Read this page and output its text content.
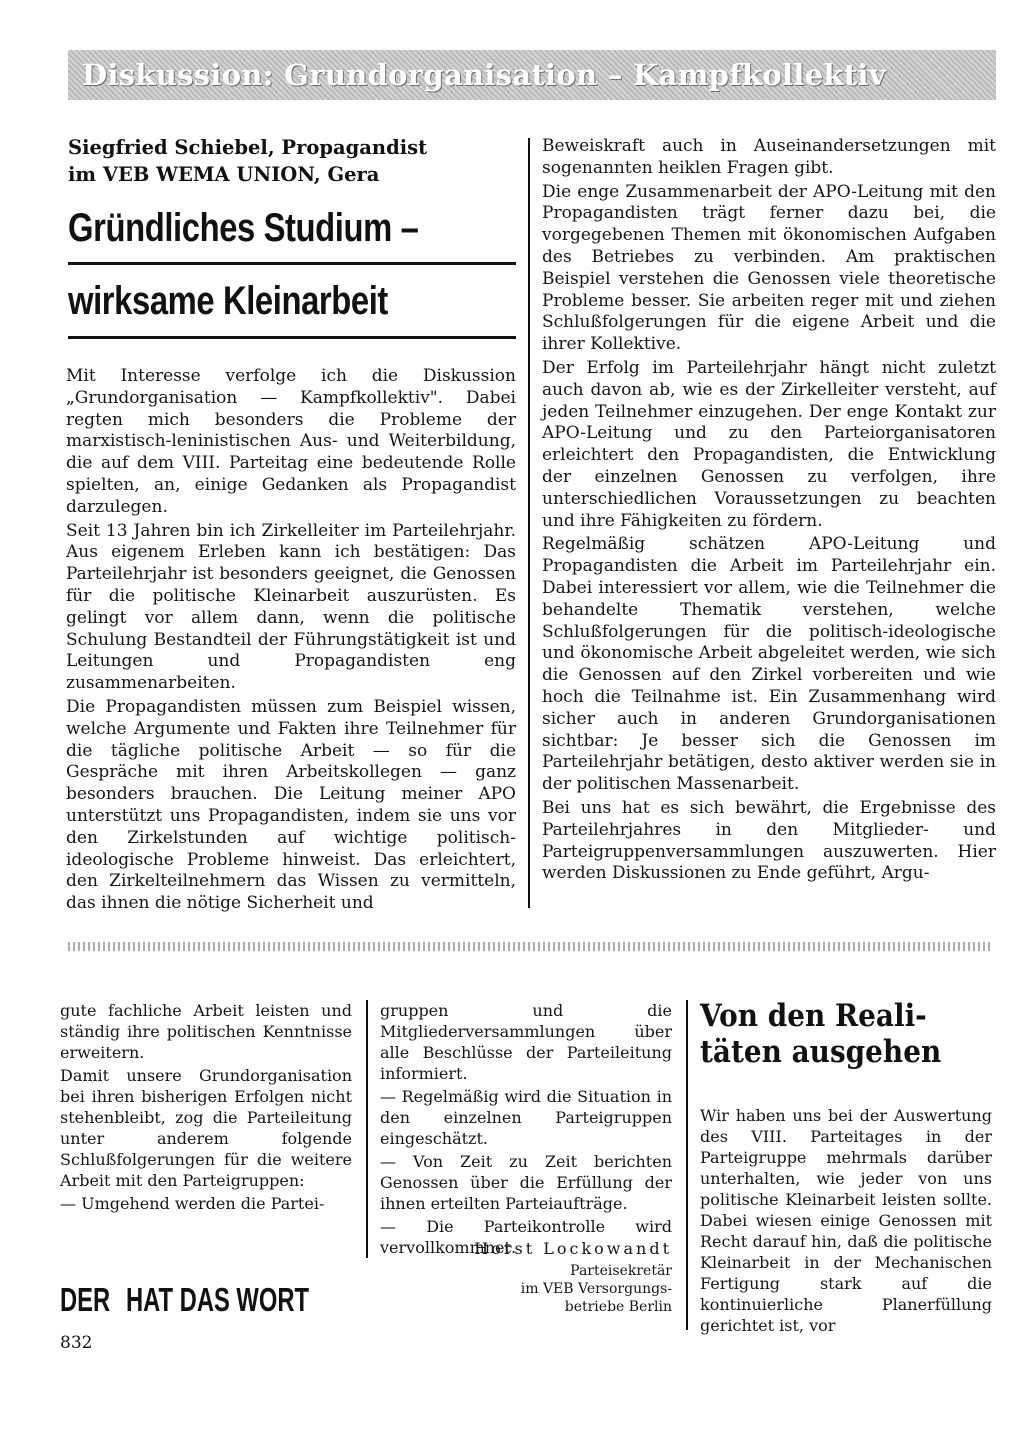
Diskussion: Grundorganisation – Kampfkollektiv
Siegfried Schiebel, Propagandist
im VEB WEMA UNION, Gera
Gründliches Studium –
wirksame Kleinarbeit

Mit Interesse verfolge ich die Diskussion „Grundorganisation — Kampfkollektiv". Dabei regten mich besonders die Probleme der marxistisch-leninistischen Aus- und Weiterbildung, die auf dem VIII. Parteitag eine bedeutende Rolle spielten, an, einige Gedanken als Propagandist darzulegen.

Seit 13 Jahren bin ich Zirkelleiter im Parteilehrjahr. Aus eigenem Erleben kann ich bestätigen: Das Parteilehrjahr ist besonders geeignet, die Genossen für die politische Kleinarbeit auszurüsten. Es gelingt vor allem dann, wenn die politische Schulung Bestandteil der Führungstätigkeit ist und Leitungen und Propagandisten eng zusammenarbeiten.

Die Propagandisten müssen zum Beispiel wissen, welche Argumente und Fakten ihre Teilnehmer für die tägliche politische Arbeit — so für die Gespräche mit ihren Arbeitskollegen — ganz besonders brauchen. Die Leitung meiner APO unterstützt uns Propagandisten, indem sie uns vor den Zirkelstunden auf wichtige politisch-ideologische Probleme hinweist. Das erleichtert, den Zirkelteilnehmern das Wissen zu vermitteln, das ihnen die nötige Sicherheit und

Beweiskraft auch in Auseinandersetzungen mit sogenannten heiklen Fragen gibt.

Die enge Zusammenarbeit der APO-Leitung mit den Propagandisten trägt ferner dazu bei, die vorgegebenen Themen mit ökonomischen Aufgaben des Betriebes zu verbinden. Am praktischen Beispiel verstehen die Genossen viele theoretische Probleme besser. Sie arbeiten reger mit und ziehen Schlußfolgerungen für die eigene Arbeit und die ihrer Kollektive.

Der Erfolg im Parteilehrjahr hängt nicht zuletzt auch davon ab, wie es der Zirkelleiter versteht, auf jeden Teilnehmer einzugehen. Der enge Kontakt zur APO-Leitung und zu den Parteiorganisatoren erleichtert den Propagandisten, die Entwicklung der einzelnen Genossen zu verfolgen, ihre unterschiedlichen Voraussetzungen zu beachten und ihre Fähigkeiten zu fördern.

Regelmäßig schätzen APO-Leitung und Propagandisten die Arbeit im Parteilehrjahr ein. Dabei interessiert vor allem, wie die Teilnehmer die behandelte Thematik verstehen, welche Schlußfolgerungen für die politisch-ideologische und ökonomische Arbeit abgeleitet werden, wie sich die Genossen auf den Zirkel vorbereiten und wie hoch die Teilnahme ist. Ein Zusammenhang wird sicher auch in anderen Grundorganisationen sichtbar: Je besser sich die Genossen im Parteilehrjahr betätigen, desto aktiver werden sie in der politischen Massenarbeit.

Bei uns hat es sich bewährt, die Ergebnisse des Parteilehrjahres in den Mitglieder- und Parteigruppenversammlungen auszuwerten. Hier werden Diskussionen zu Ende geführt, Argu-

gute fachliche Arbeit leisten und ständig ihre politischen Kenntnisse erweitern.

Damit unsere Grundorganisation bei ihren bisherigen Erfolgen nicht stehenbleibt, zog die Parteileitung unter anderem folgende Schlußfolgerungen für die weitere Arbeit mit den Parteigruppen:

— Umgehend werden die Partei-

gruppen und die Mitgliederversammlungen über alle Beschlüsse der Parteileitung informiert.

— Regelmäßig wird die Situation in den einzelnen Parteigruppen eingeschätzt.

— Von Zeit zu Zeit berichten Genossen über die Erfüllung der ihnen erteilten Parteiaufträge.

— Die Parteikontrolle wird vervollkommnet.

Horst Lockowandt
Parteisekretär
im VEB Versorgungs-
betriebe Berlin
Von den Reali-
täten ausgehen

Wir haben uns bei der Auswertung des VIII. Parteitages in der Parteigruppe mehrmals darüber unterhalten, wie jeder von uns politische Kleinarbeit leisten sollte. Dabei wiesen einige Genossen mit Recht darauf hin, daß die politische Kleinarbeit in der Mechanischen Fertigung stark auf die kontinuierliche Planerfüllung gerichtet ist, vor

DER HAT DAS WORT
832
